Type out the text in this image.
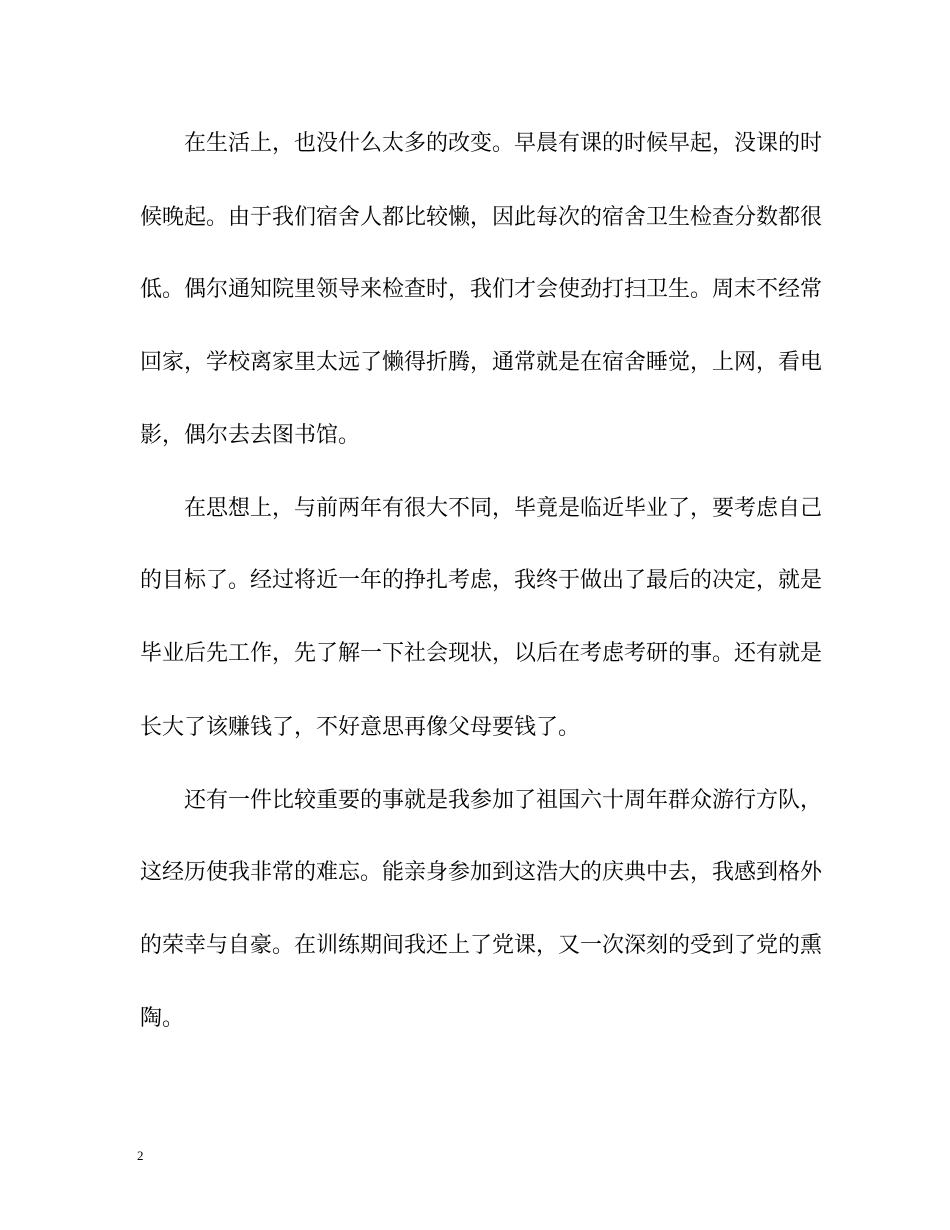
在生活上，也没什么太多的改变。早晨有课的时候早起，没课的时
候晚起。由于我们宿舍人都比较懒，因此每次的宿舍卫生检查分数都很
低。偶尔通知院里领导来检查时，我们才会使劲打扫卫生。周末不经常
回家，学校离家里太远了懒得折腾，通常就是在宿舍睡觉，上网，看电
影，偶尔去去图书馆。
在思想上，与前两年有很大不同，毕竟是临近毕业了，要考虑自己
的目标了。经过将近一年的挣扎考虑，我终于做出了最后的决定，就是
毕业后先工作，先了解一下社会现状，以后在考虑考研的事。还有就是
长大了该赚钱了，不好意思再像父母要钱了。
还有一件比较重要的事就是我参加了祖国六十周年群众游行方队，
这经历使我非常的难忘。能亲身参加到这浩大的庆典中去，我感到格外
的荣幸与自豪。在训练期间我还上了党课，又一次深刻的受到了党的熏
陶。
2
